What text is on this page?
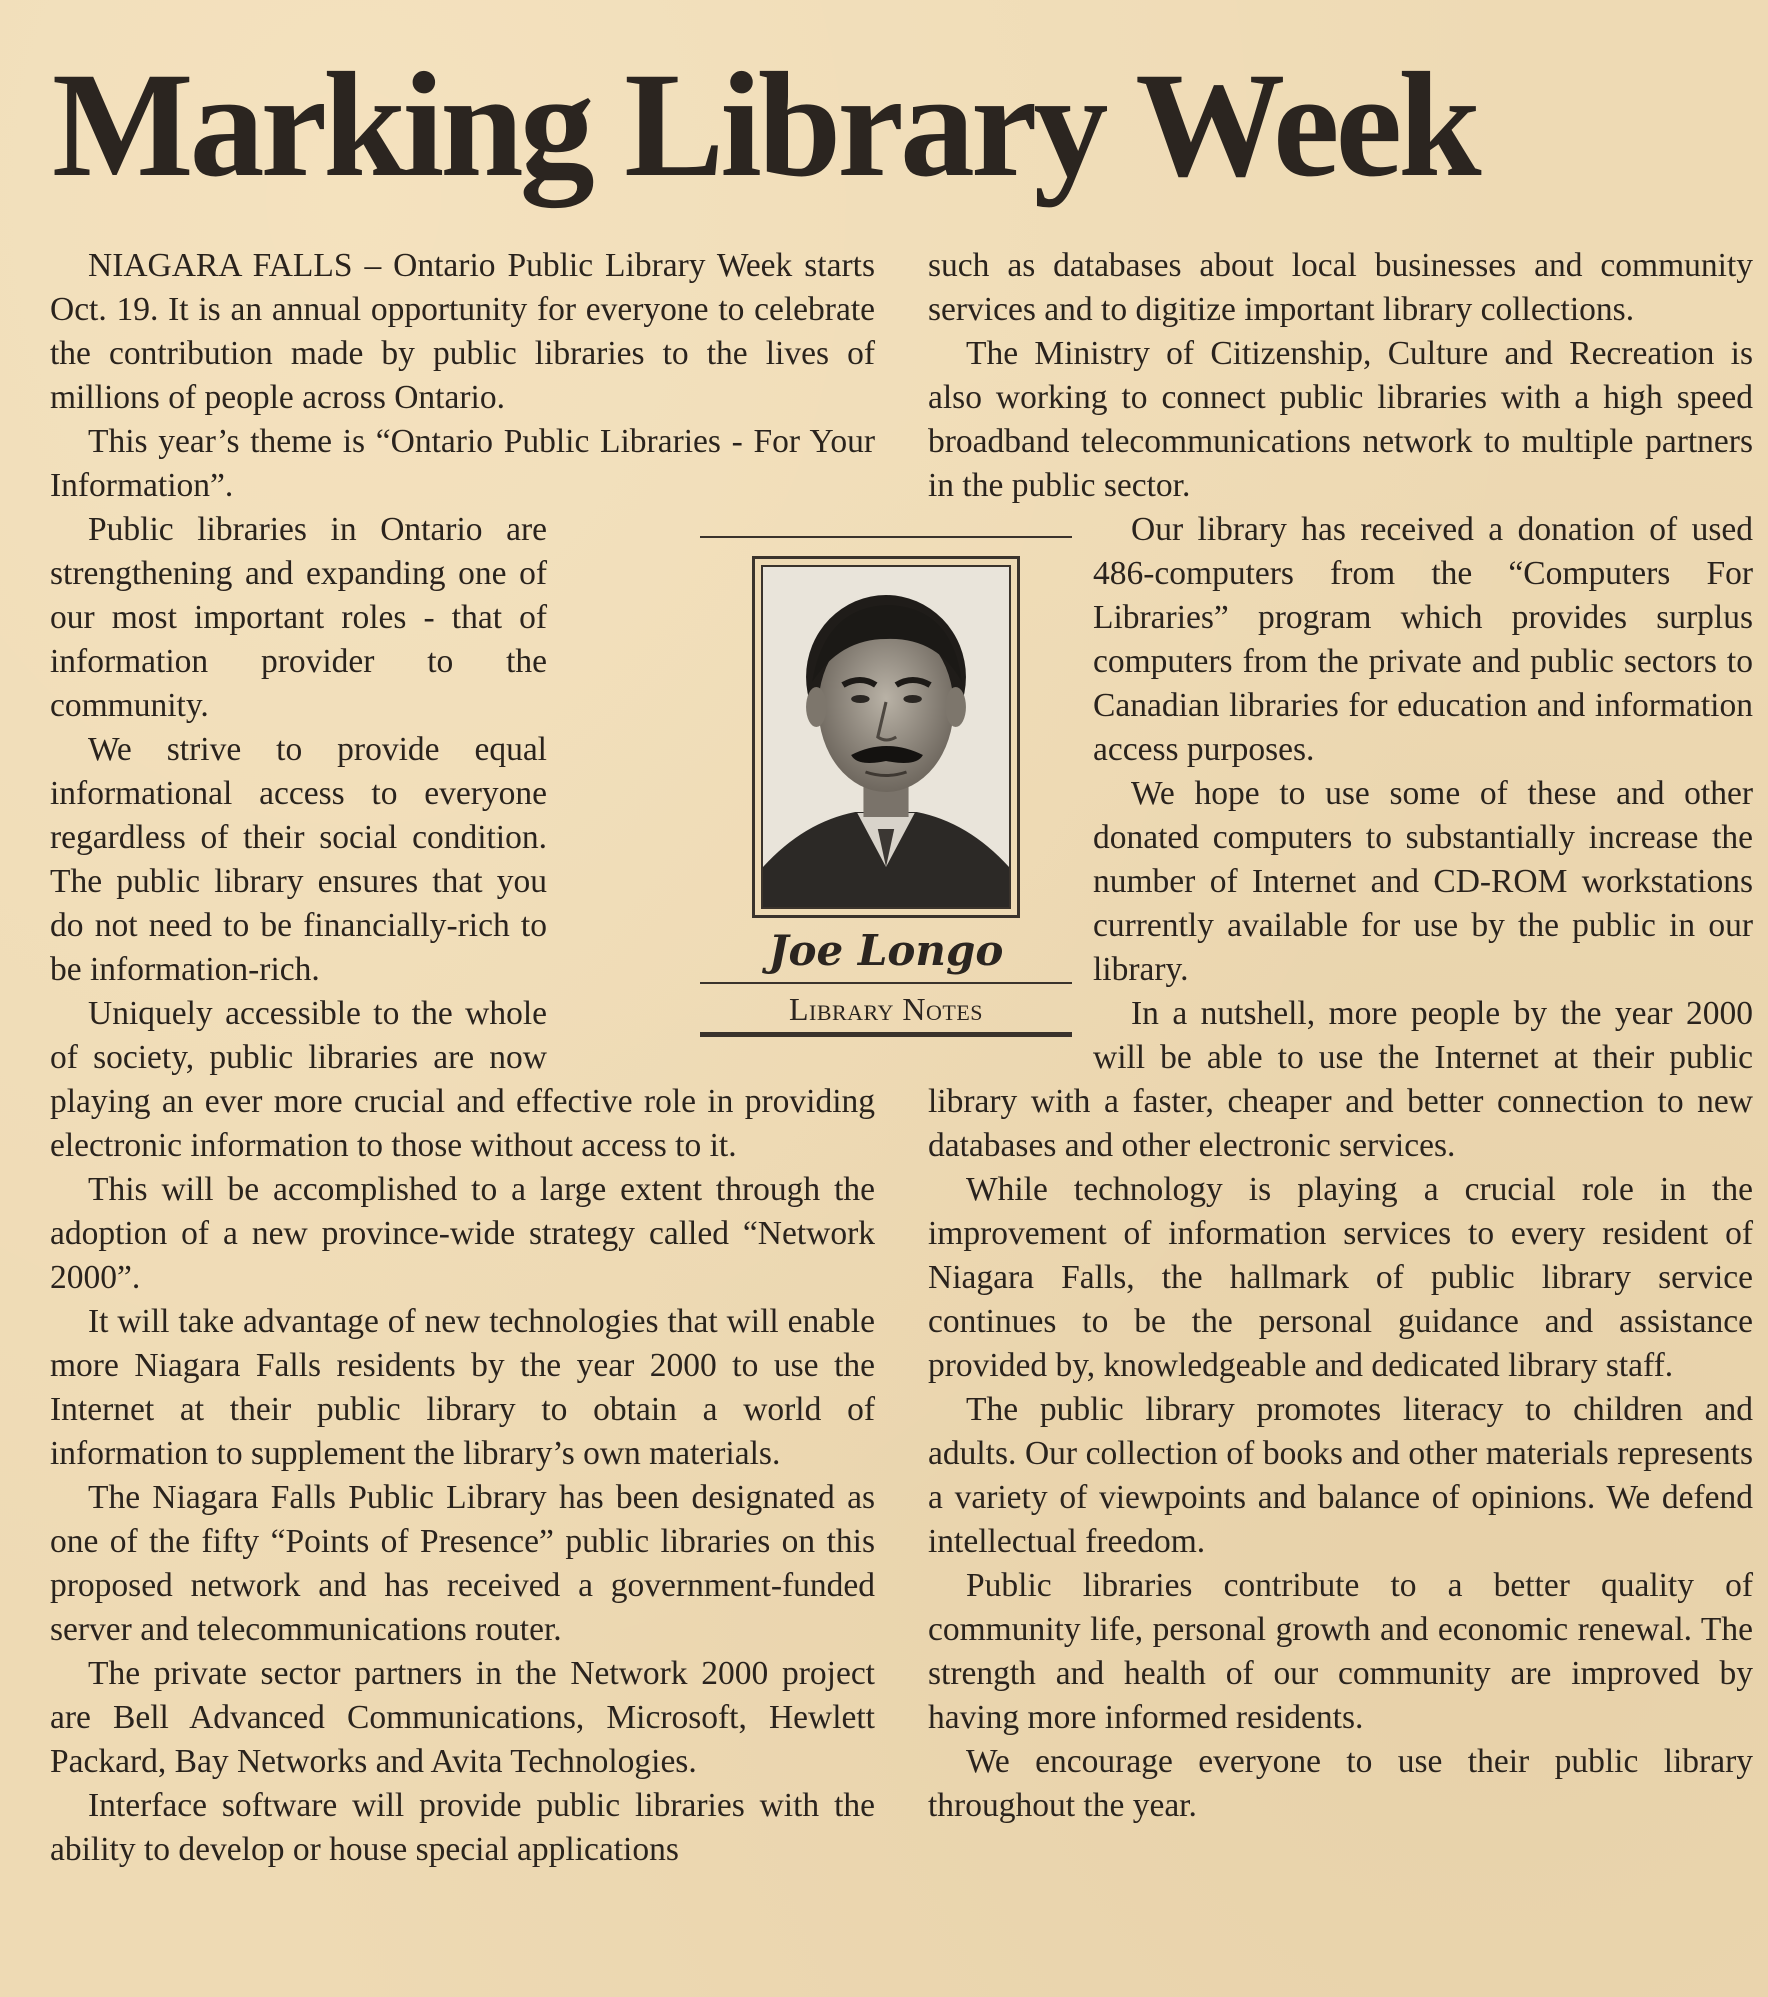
Marking Library Week

NIAGARA FALLS – Ontario Public Library Week starts Oct. 19. It is an annual opportunity for everyone to celebrate the contribution made by public libraries to the lives of millions of people across Ontario.

This year’s theme is “Ontario Public Libraries - For Your Information”.

Public libraries in Ontario are strengthening and expanding one of our most important roles - that of information provider to the community.

We strive to provide equal informational access to everyone regardless of their social condition. The public library ensures that you do not need to be financially-rich to be information-rich.

Uniquely accessible to the whole of society, public libraries are now playing an ever more crucial and effective role in providing electronic information to those without access to it.

This will be accomplished to a large extent through the adoption of a new province-wide strategy called “Network 2000”.

It will take advantage of new technologies that will enable more Niagara Falls residents by the year 2000 to use the Internet at their public library to obtain a world of information to supplement the library’s own materials.

The Niagara Falls Public Library has been designated as one of the fifty “Points of Presence” public libraries on this proposed network and has received a government-funded server and telecommunications router.

The private sector partners in the Network 2000 project are Bell Advanced Communications, Microsoft, Hewlett Packard, Bay Networks and Avita Technologies.

Interface software will provide public libraries with the ability to develop or house special applications

such as databases about local businesses and community services and to digitize important library collections.

The Ministry of Citizenship, Culture and Recreation is also working to connect public libraries with a high speed broadband telecommunications network to multiple partners in the public sector.

Our library has received a donation of used 486-computers from the “Computers For Libraries” program which provides surplus computers from the private and public sectors to Canadian libraries for education and information access purposes.

We hope to use some of these and other donated computers to substantially increase the number of Internet and CD-ROM workstations currently available for use by the public in our library.

In a nutshell, more people by the year 2000 will be able to use the Internet at their public library with a faster, cheaper and better connection to new databases and other electronic services.

While technology is playing a crucial role in the improvement of information services to every resident of Niagara Falls, the hallmark of public library service continues to be the personal guidance and assistance provided by, knowledgeable and dedicated library staff.

The public library promotes literacy to children and adults. Our collection of books and other materials represents a variety of viewpoints and balance of opinions. We defend intellectual freedom.

Public libraries contribute to a better quality of community life, personal growth and economic renewal. The strength and health of our community are improved by having more informed residents.

We encourage everyone to use their public library throughout the year.

Joe Longo
Library Notes
